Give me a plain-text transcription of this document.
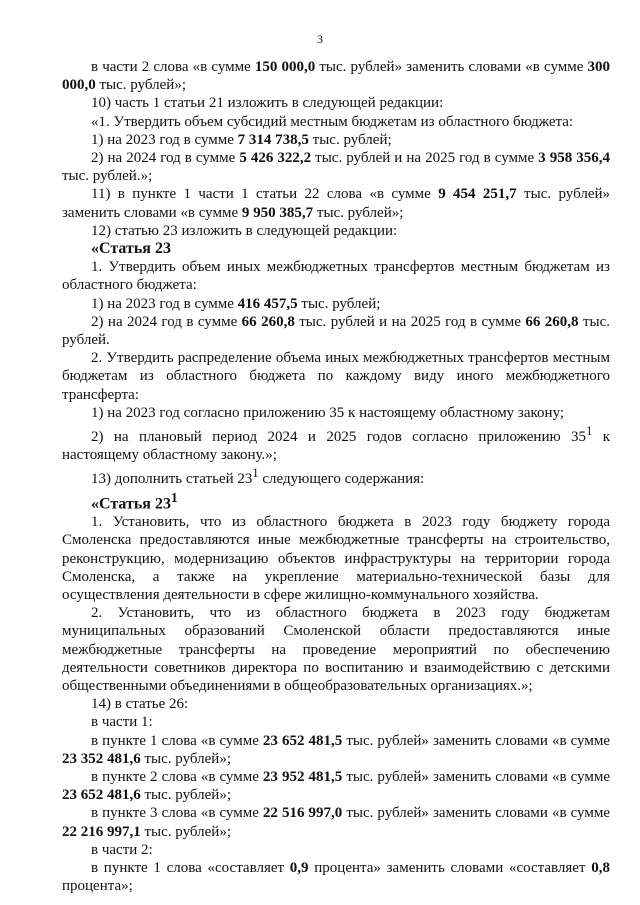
3

в части 2 слова «в сумме 150 000,0 тыс. рублей» заменить словами «в сумме 300 000,0 тыс. рублей»;

10) часть 1 статьи 21 изложить в следующей редакции:

«1. Утвердить объем субсидий местным бюджетам из областного бюджета:

1) на 2023 год в сумме 7 314 738,5 тыс. рублей;

2) на 2024 год в сумме 5 426 322,2 тыс. рублей и на 2025 год в сумме 3 958 356,4 тыс. рублей.»;

11) в пункте 1 части 1 статьи 22 слова «в сумме 9 454 251,7 тыс. рублей» заменить словами «в сумме 9 950 385,7 тыс. рублей»;

12) статью 23 изложить в следующей редакции:

«Статья 23

1. Утвердить объем иных межбюджетных трансфертов местным бюджетам из областного бюджета:

1) на 2023 год в сумме 416 457,5 тыс. рублей;

2) на 2024 год в сумме 66 260,8 тыс. рублей и на 2025 год в сумме 66 260,8 тыс. рублей.

2. Утвердить распределение объема иных межбюджетных трансфертов местным бюджетам из областного бюджета по каждому виду иного межбюджетного трансферта:

1) на 2023 год согласно приложению 35 к настоящему областному закону;

2) на плановый период 2024 и 2025 годов согласно приложению $35^1$ к настоящему областному закону.»;

13) дополнить статьей $23^1$ следующего содержания:

«Статья $23^1$

1. Установить, что из областного бюджета в 2023 году бюджету города Смоленска предоставляются иные межбюджетные трансферты на строительство, реконструкцию, модернизацию объектов инфраструктуры на территории города Смоленска, а также на укрепление материально-технической базы для осуществления деятельности в сфере жилищно-коммунального хозяйства.

2. Установить, что из областного бюджета в 2023 году бюджетам муниципальных образований Смоленской области предоставляются иные межбюджетные трансферты на проведение мероприятий по обеспечению деятельности советников директора по воспитанию и взаимодействию с детскими общественными объединениями в общеобразовательных организациях.»;

14) в статье 26:

в части 1:

в пункте 1 слова «в сумме 23 652 481,5 тыс. рублей» заменить словами «в сумме 23 352 481,6 тыс. рублей»;

в пункте 2 слова «в сумме 23 952 481,5 тыс. рублей» заменить словами «в сумме 23 652 481,6 тыс. рублей»;

в пункте 3 слова «в сумме 22 516 997,0 тыс. рублей» заменить словами «в сумме 22 216 997,1 тыс. рублей»;

в части 2:

в пункте 1 слова «составляет 0,9 процента» заменить словами «составляет 0,8 процента»;
